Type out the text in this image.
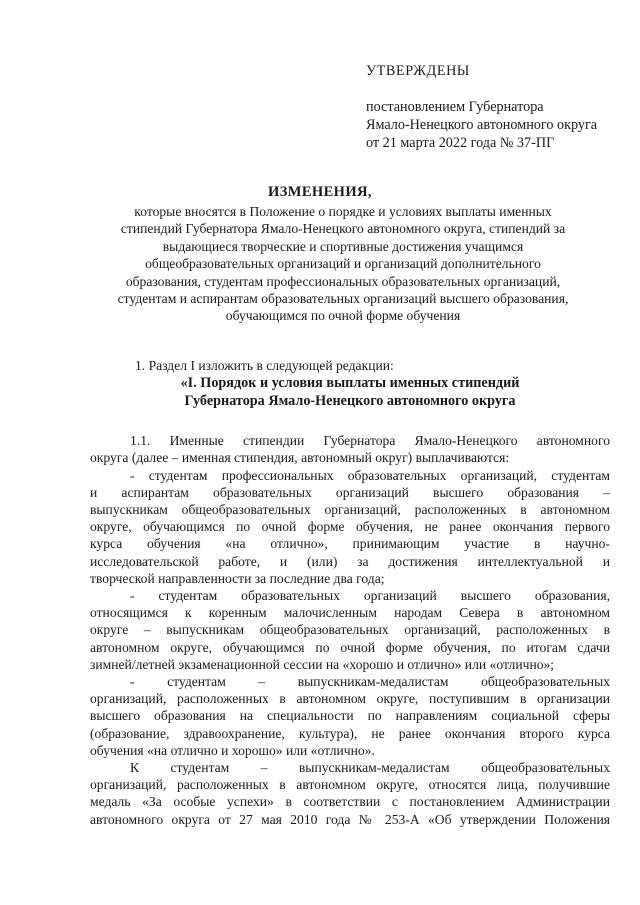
УТВЕРЖДЕНЫ
постановлением Губернатора
Ямало-Ненецкого автономного округа
от 21 марта 2022 года № 37-ПГ
ИЗМЕНЕНИЯ,
которые вносятся в Положение о порядке и условиях выплаты именных
стипендий Губернатора Ямало-Ненецкого автономного округа, стипендий за
выдающиеся творческие и спортивные достижения учащимся
общеобразовательных организаций и организаций дополнительного
образования, студентам профессиональных образовательных организаций,
студентам и аспирантам образовательных организаций высшего образования,
обучающимся по очной форме обучения
1. Раздел I изложить в следующей редакции:
«I. Порядок и условия выплаты именных стипендий
Губернатора Ямало-Ненецкого автономного округа
1.1. Именные стипендии Губернатора Ямало-Ненецкого автономного
округа (далее – именная стипендия, автономный округ) выплачиваются:
- студентам профессиональных образовательных организаций, студентам
и аспирантам образовательных организаций высшего образования –
выпускникам общеобразовательных организаций, расположенных в автономном
округе, обучающимся по очной форме обучения, не ранее окончания первого
курса обучения «на отлично», принимающим участие в научно-
исследовательской работе, и (или) за достижения интеллектуальной и
творческой направленности за последние два года;
- студентам образовательных организаций высшего образования,
относящимся к коренным малочисленным народам Севера в автономном
округе – выпускникам общеобразовательных организаций, расположенных в
автономном округе, обучающимся по очной форме обучения, по итогам сдачи
зимней/летней экзаменационной сессии на «хорошо и отлично» или «отлично»;
- студентам – выпускникам-медалистам общеобразовательных
организаций, расположенных в автономном округе, поступившим в организации
высшего образования на специальности по направлениям социальной сферы
(образование, здравоохранение, культура), не ранее окончания второго курса
обучения «на отлично и хорошо» или «отлично».
К студентам – выпускникам-медалистам общеобразовательных
организаций, расположенных в автономном округе, относятся лица, получившие
медаль «За особые успехи» в соответствии с постановлением Администрации
автономного округа от 27 мая 2010 года № 253-А «Об утверждении Положения
